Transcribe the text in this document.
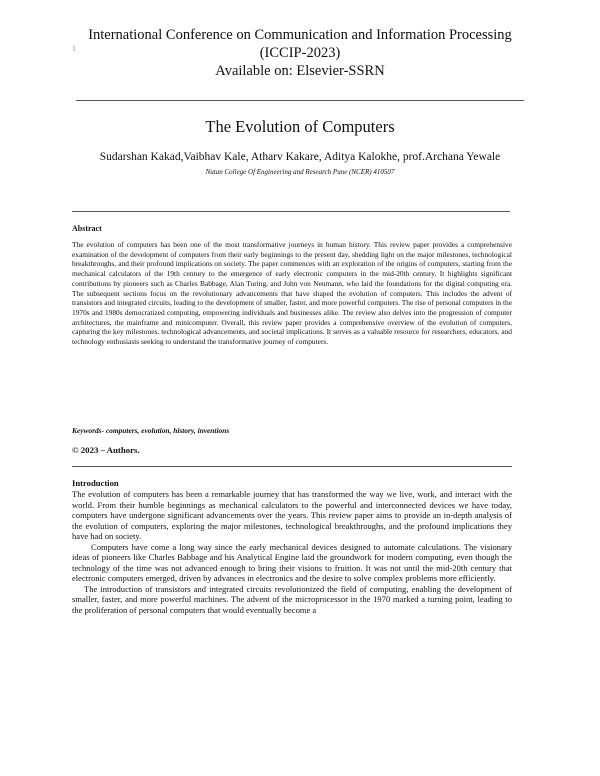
International Conference on Communication and Information Processing
(ICCIP-2023)
Available on: Elsevier-SSRN
1
The Evolution of Computers
Sudarshan Kakad,Vaibhav Kale, Atharv Kakare, Aditya Kalokhe, prof.Archana Yewale
Nutan College Of Engineering and Research Pune (NCER) 410507
Abstract
The evolution of computers has been one of the most transformative journeys in human history. This review paper provides a comprehensive examination of the development of computers from their early beginnings to the present day, shedding light on the major milestones, technological breakthroughs, and their profound implications on society. The paper commences with an exploration of the origins of computers, starting from the mechanical calculators of the 19th century to the emergence of early electronic computers in the mid-20th century. It highlights significant contributions by pioneers such as Charles Babbage, Alan Turing, and John von Neumann, who laid the foundations for the digital computing era. The subsequent sections focus on the revolutionary advancements that have shaped the evolution of computers. This includes the advent of transistors and integrated circuits, leading to the development of smaller, faster, and more powerful computers. The rise of personal computers in the 1970s and 1980s democratized computing, empowering individuals and businesses alike. The review also delves into the progression of computer architectures, the mainframe and minicomputer. Overall, this review paper provides a comprehensive overview of the evolution of computers, capturing the key milestones, technological advancements, and societal implications. It serves as a valuable resource for researchers, educators, and technology enthusiasts seeking to understand the transformative journey of computers.
Keywords- computers, evolution, history, inventions
© 2023 – Authors.
Introduction

The evolution of computers has been a remarkable journey that has transformed the way we live, work, and interact with the world. From their humble beginnings as mechanical calculators to the powerful and interconnected devices we have today, computers have undergone significant advancements over the years. This review paper aims to provide an in-depth analysis of the evolution of computers, exploring the major milestones, technological breakthroughs, and the profound implications they have had on society.

Computers have come a long way since the early mechanical devices designed to automate calculations. The visionary ideas of pioneers like Charles Babbage and his Analytical Engine laid the groundwork for modern computing, even though the technology of the time was not advanced enough to bring their visions to fruition. It was not until the mid-20th century that electronic computers emerged, driven by advances in electronics and the desire to solve complex problems more efficiently.

The introduction of transistors and integrated circuits revolutionized the field of computing, enabling the development of smaller, faster, and more powerful machines. The advent of the microprocessor in the 1970 marked a turning point, leading to the proliferation of personal computers that would eventually become a
